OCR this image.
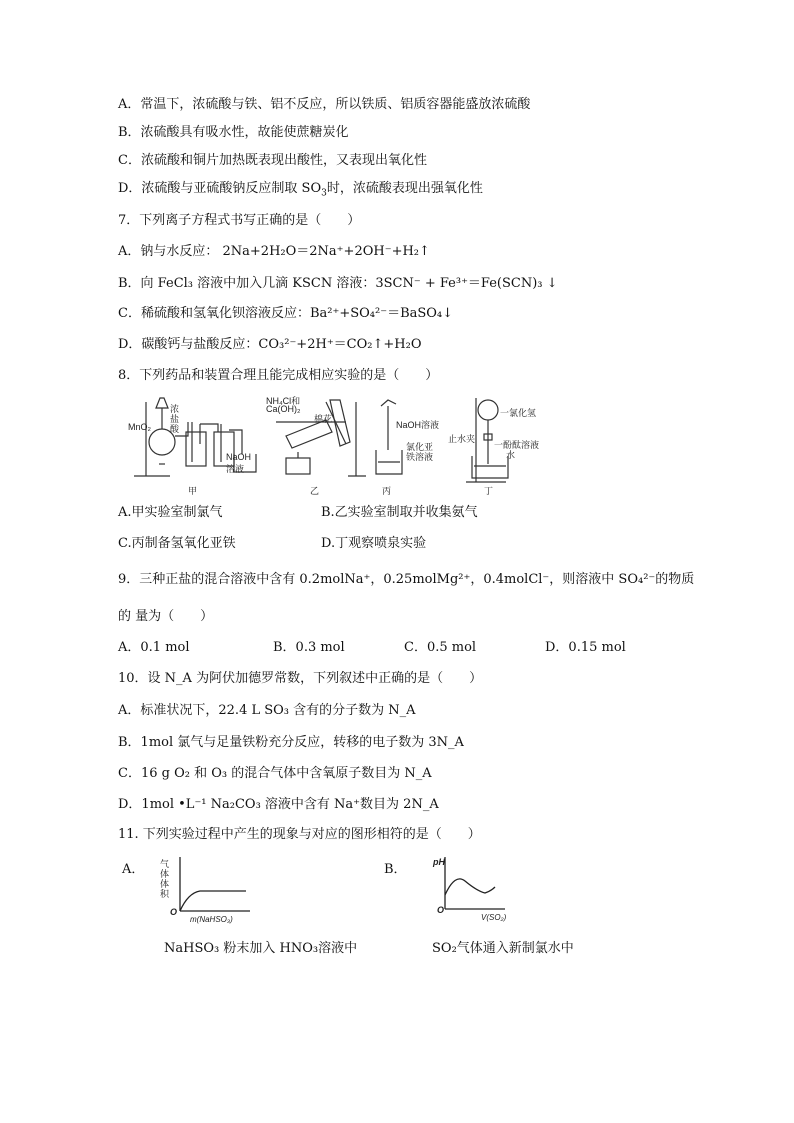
A．常温下，浓硫酸与铁、铝不反应，所以铁质、铝质容器能盛放浓硫酸
B．浓硫酸具有吸水性，故能使蔗糖炭化
C．浓硫酸和铜片加热既表现出酸性，又表现出氧化性
D．浓硫酸与亚硫酸钠反应制取 $SO_3$时，浓硫酸表现出强氧化性
7．下列离子方程式书写正确的是（　　）
A．钠与水反应： 2Na+2H₂O＝2Na⁺+2OH⁻+H₂↑
B．向 FeCl₃ 溶液中加入几滴 KSCN 溶液：3SCN⁻ + Fe³⁺＝Fe(SCN)₃ ↓
C．稀硫酸和氢氧化钡溶液反应：Ba²⁺+SO₄²⁻＝BaSO₄↓
D．碳酸钙与盐酸反应：CO₃²⁻+2H⁺＝CO₂↑+H₂O
8．下列药品和装置合理且能完成相应实验的是（　　）
MnO₂
浓盐酸
NaOH
溶液
NH₄Cl和
Ca(OH)₂
棉花
NaOH溶液
氯化亚
铁溶液
一氯化氢
止水夹
一酚酞溶液
水
甲	乙	丙	丁
A.甲实验室制氯气	B.乙实验室制取并收集氨气
C.丙制备氢氧化亚铁	D.丁观察喷泉实验
9．三种正盐的混合溶液中含有 0.2molNa⁺，0.25molMg²⁺，0.4molCl⁻，则溶液中 SO₄²⁻的物质
的 量为（　　）
A．0.1 mol	B．0.3 mol	C．0.5 mol	D．0.15 mol
10．设 N_A 为阿伏加德罗常数，下列叙述中正确的是（　　）
A．标准状况下，22.4 L SO₃ 含有的分子数为 N_A
B．1mol 氯气与足量铁粉充分反应，转移的电子数为 3N_A
C．16 g O₂ 和 O₃ 的混合气体中含氧原子数目为 N_A
D．1mol •L⁻¹ Na₂CO₃ 溶液中含有 Na⁺数目为 2N_A
11. 下列实验过程中产生的现象与对应的图形相符的是（　　）
A． 气体体积
O
m(NaHSO₃)
NaHSO₃ 粉末加入 HNO₃溶液中
B．	pH
O
V(SO₂)
SO₂气体通入新制氯水中
